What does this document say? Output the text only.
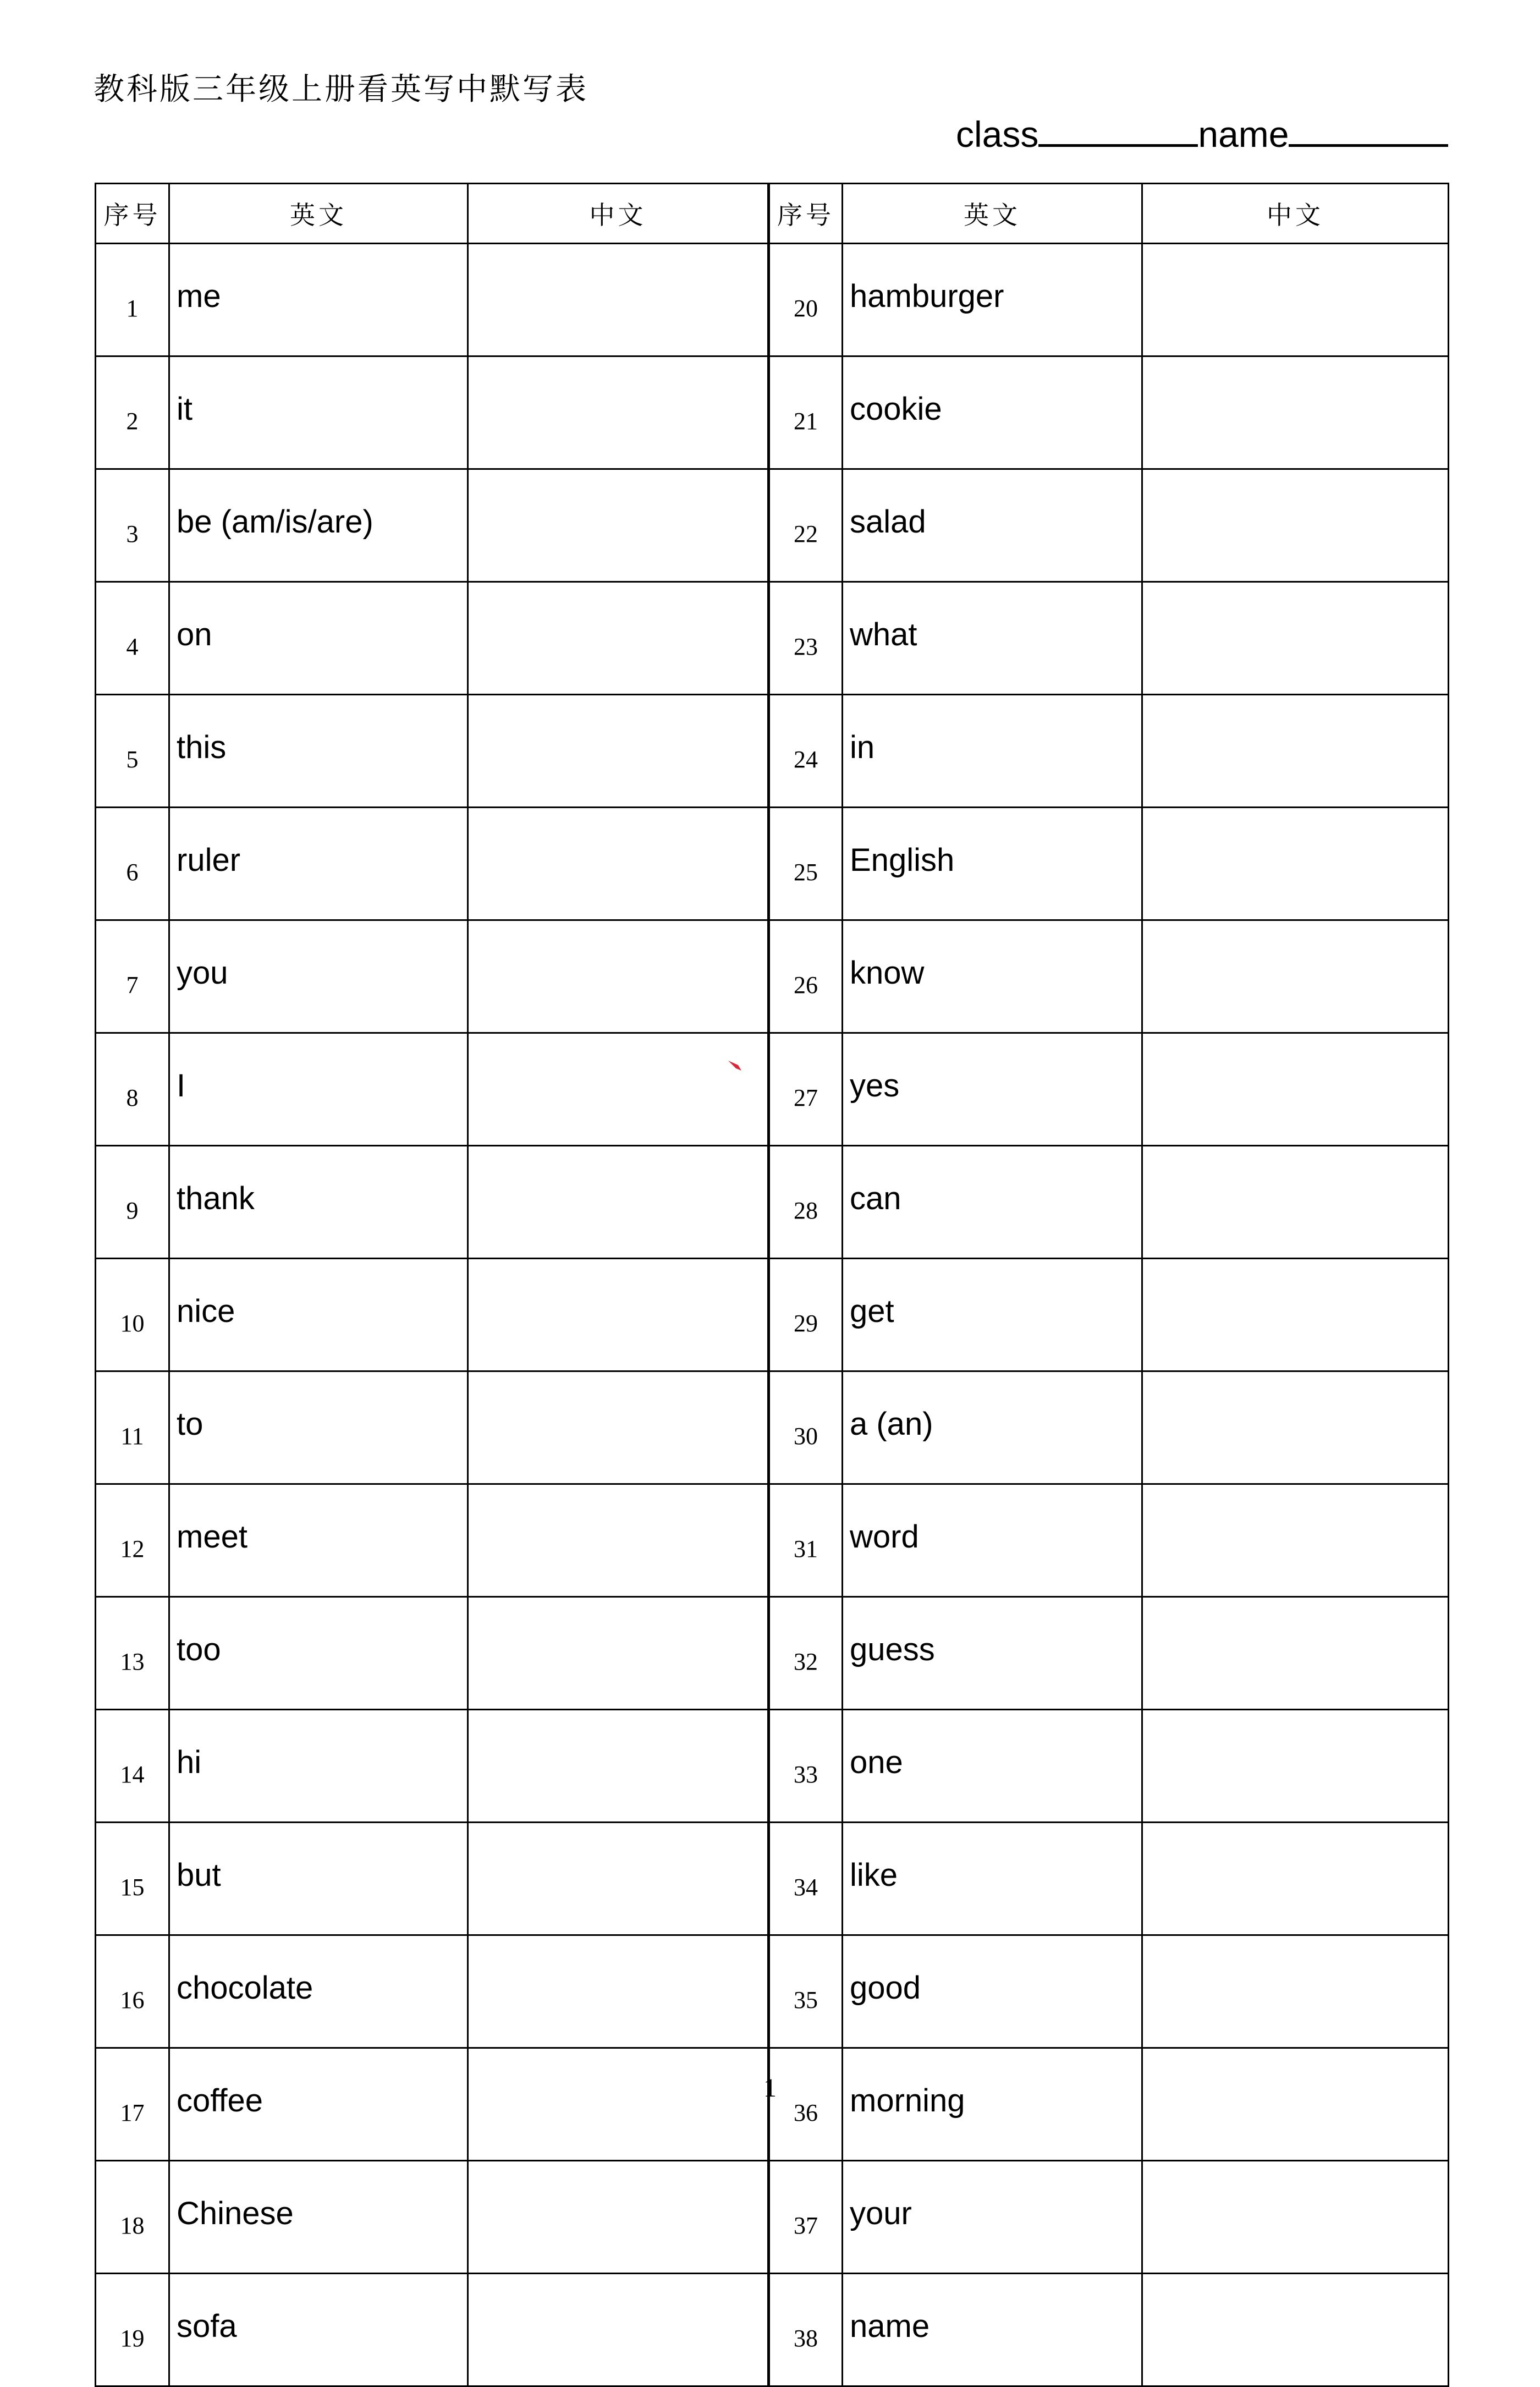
教科版三年级上册看英写中默写表
class	name
序号	英文	中文	序号	英文	中文
1	me		20	hamburger	
2	it		21	cookie	
3	be (am/is/are)		22	salad	
4	on		23	what	
5	this		24	in	
6	ruler		25	English	
7	you		26	know	
8	I		27	yes	
9	thank		28	can	
10	nice		29	get	
11	to		30	a (an)	
12	meet		31	word	
13	too		32	guess	
14	hi		33	one	
15	but		34	like	
16	chocolate		35	good	
17	coffee		36	morning	
18	Chinese		37	your	
19	sofa		38	name	
1
